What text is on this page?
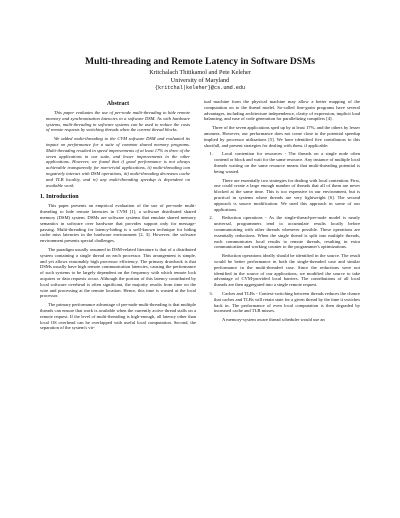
Multi-threading and Remote Latency in Software DSMs
Kritchalach Thitikamol and Pete Keleher
University of Maryland
{kritchal|keleher}@cs.umd.edu
Abstract

This paper evaluates the use of per-node multi-threading to hide remote memory and synchronization latencies in a software DSM. As with hardware systems, multi-threading in software systems can be used to reduce the costs of remote requests by switching threads when the current thread blocks.

We added multi-threading to the CVM software DSM and evaluated its impact on performance for a suite of common shared memory programs. Multi-threading resulted in speed improvements of at least 17% in three of the seven applications in our suite, and lesser improvements in the other applications. However, we found that i) good performance is not always achievable transparently for non-trivial applications, ii) multi-threading can negatively interact with DSM operations, iii) multi-threading decreases cache and TLB locality, and iv) any multi-threading speedup is dependent on available work.

1. Introduction

This paper presents an empirical evaluation of the use of per-node multi-threading to hide remote latencies in CVM [1], a software distributed shared memory (DSM) system. DSMs are software systems that emulate shared memory semantics in software over hardware that provides support only for message-passing. Multi-threading for latency-hiding is a well-known technique for hiding cache miss latencies in the hardware environment [2, 3]. However, the software environment presents special challenges.

The paradigm usually assumed in DSM-related literature is that of a distributed system containing a single thread on each processor. This arrangement is simple, and yet allows reasonably high processor efficiency. The primary drawback is that DSMs usually have high remote communication latencies, causing the performance of such systems to be largely dependent on the frequency with which remote lock acquires or data requests occur. Although the portion of this latency contributed by local software overhead is often significant, the majority results from time on the wire and processing at the remote location. Hence, this time is wasted at the local processor.

The primary performance advantage of per-node multi-threading is that multiple threads can ensure that work is available when the currently active thread stalls on a remote request. If the level of multi-threading is high-enough, all latency other than local OS overhead can be overlapped with useful local computation. Second, the separation of the system's vir-

tual machine from the physical machine may allow a better mapping of the computation on to the thread model. So-called fine-grain programs have several advantages, including architecture independence, clarity of expression, implicit load balancing, and ease of code generation for parallelizing compilers [4].

Three of the seven applications sped up by at least 17%, and the others by lesser amounts. However, our performance does not come close to the potential speedup implied by processor utilizations [5]. We have identified five contributors to this shortfall, and present strategies for dealing with them, if applicable:

1. Local contention for resources - The threads on a single node often contend or block and wait for the same resource. Any instance of multiple local threads waiting on the same resource means that multi-threading potential is being wasted.

There are essentially two strategies for dealing with local contention. First, one could create a large enough number of threads that all of them are never blocked at the same time. This is too expensive in our environment, but is practical in systems where threads are very lightweight [6]. The second approach is source modification. We used this approach in some of our applications.

2. Reduction operations - As the single-thread-per-node model is nearly universal, programmers tend to accumulate results locally before communicating with other threads whenever possible. These operations are essentially reductions. When the single thread is split into multiple threads, each communicates local results to remote threads, resulting in extra communication and working counter to the programmer's optimizations.

Reduction operations ideally should be identified in the source. The result would be better performance in both the single-threaded case and similar performance in the multi-threaded case. Since the reductions were not identified in the source of our applications, we modified the source to take advantage of CVM-provided local barriers. The contributions of all local threads are then aggregated into a single remote request.

3. Caches and TLBs - Context-switching between threads reduces the chance that caches and TLBs will retain state for a given thread by the time it switches back in. The performance of even local computation is then degraded by increased cache and TLB misses.

A memory-system aware thread scheduler would use an
